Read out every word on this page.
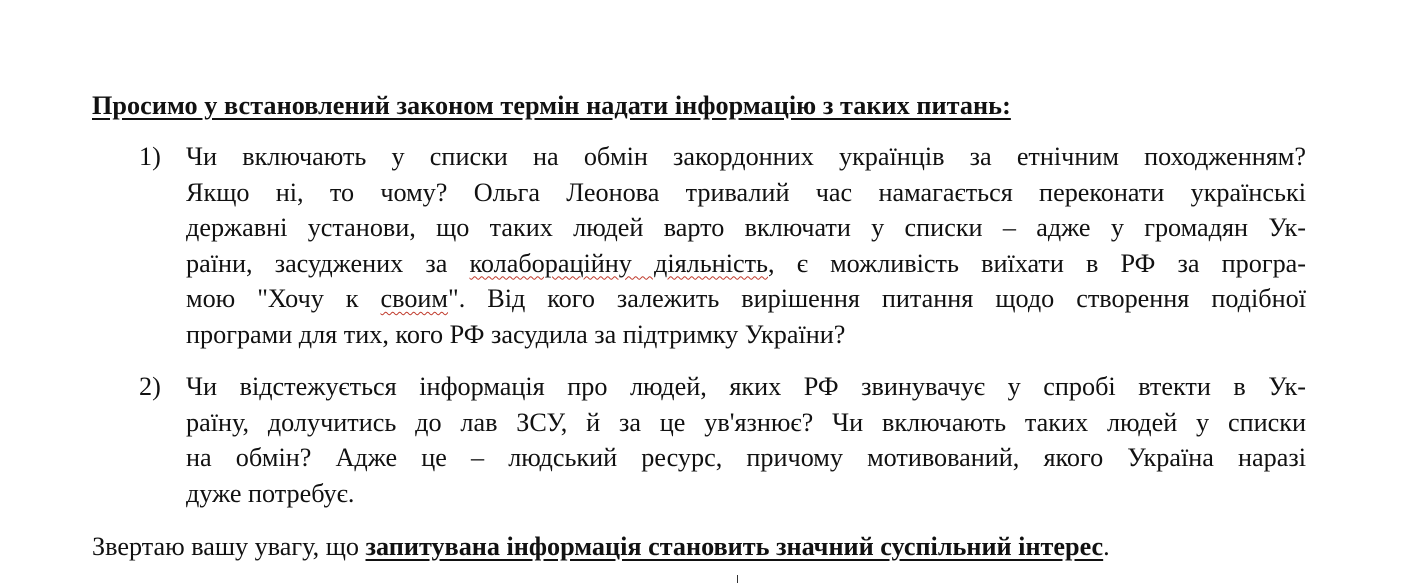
Просимо у встановлений законом термін надати інформацію з таких питань:
1) Чи включають у списки на обмін закордонних українців за етнічним походженням?
Якщо ні, то чому? Ольга Леонова тривалий час намагається переконати українські
державні установи, що таких людей варто включати у списки – адже у громадян Ук-
раїни, засуджених за колабораційну діяльність, є можливість виїхати в РФ за програ-
мою "Хочу к своим". Від кого залежить вирішення питання щодо створення подібної
програми для тих, кого РФ засудила за підтримку України?
2) Чи відстежується інформація про людей, яких РФ звинувачує у спробі втекти в Ук-
раїну, долучитись до лав ЗСУ, й за це ув'язнює? Чи включають таких людей у списки
на обмін? Адже це – людський ресурс, причому мотивований, якого Україна наразі
дуже потребує.
Звертаю вашу увагу, що запитувана інформація становить значний суспільний інтерес.
